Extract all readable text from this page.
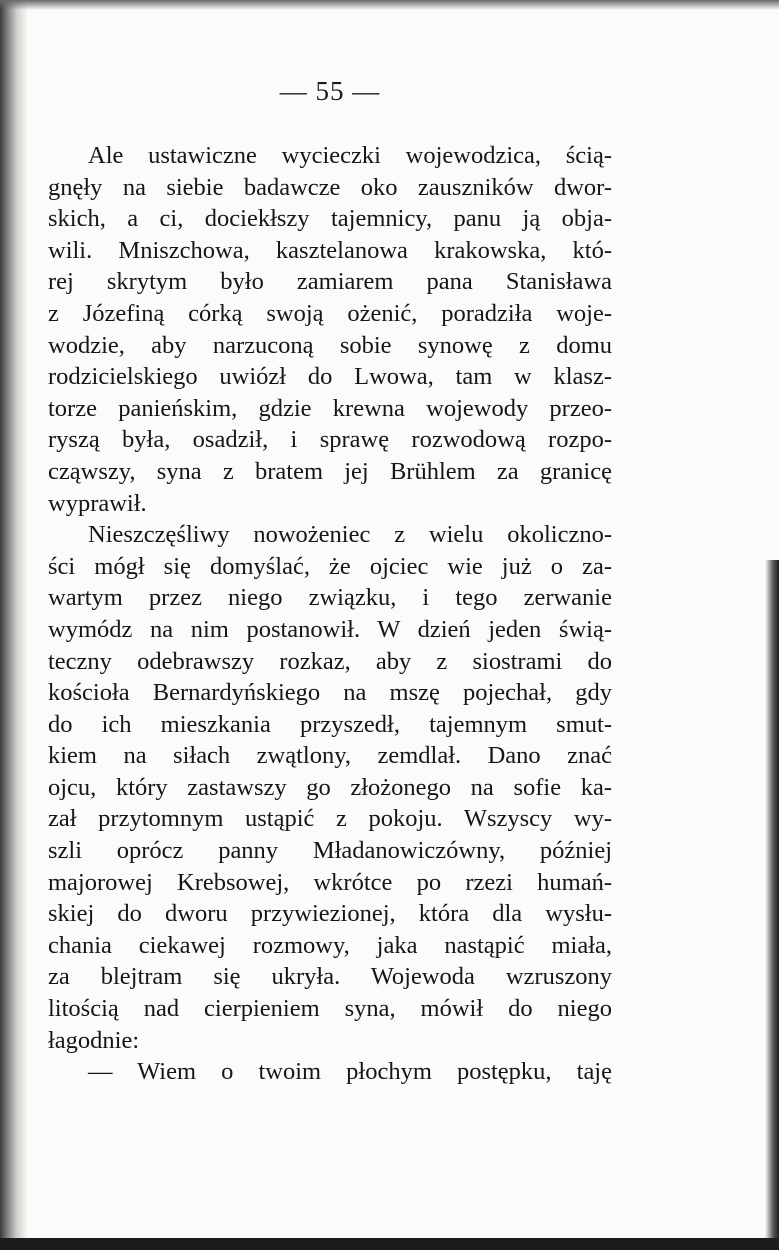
— 55 —
Ale ustawiczne wycieczki wojewodzica, ścią-
gnęły na siebie badawcze oko zauszników dwor-
skich, a ci, dociekłszy tajemnicy, panu ją obja-
wili. Mniszchowa, kasztelanowa krakowska, któ-
rej skrytym było zamiarem pana Stanisława
z Józefiną córką swoją ożenić, poradziła woje-
wodzie, aby narzuconą sobie synowę z domu
rodzicielskiego uwiózł do Lwowa, tam w klasz-
torze panieńskim, gdzie krewna wojewody przeo-
ryszą była, osadził, i sprawę rozwodową rozpo-
cząwszy, syna z bratem jej Brühlem za granicę
wyprawił.
Nieszczęśliwy nowożeniec z wielu okoliczno-
ści mógł się domyślać, że ojciec wie już o za-
wartym przez niego związku, i tego zerwanie
wymódz na nim postanowił. W dzień jeden świą-
teczny odebrawszy rozkaz, aby z siostrami do
kościoła Bernardyńskiego na mszę pojechał, gdy
do ich mieszkania przyszedł, tajemnym smut-
kiem na siłach zwątlony, zemdlał. Dano znać
ojcu, który zastawszy go złożonego na sofie ka-
zał przytomnym ustąpić z pokoju. Wszyscy wy-
szli oprócz panny Mładanowiczówny, później
majorowej Krebsowej, wkrótce po rzezi humań-
skiej do dworu przywiezionej, która dla wysłu-
chania ciekawej rozmowy, jaka nastąpić miała,
za blejtram się ukryła. Wojewoda wzruszony
litością nad cierpieniem syna, mówił do niego
łagodnie:
— Wiem o twoim płochym postępku, taję
